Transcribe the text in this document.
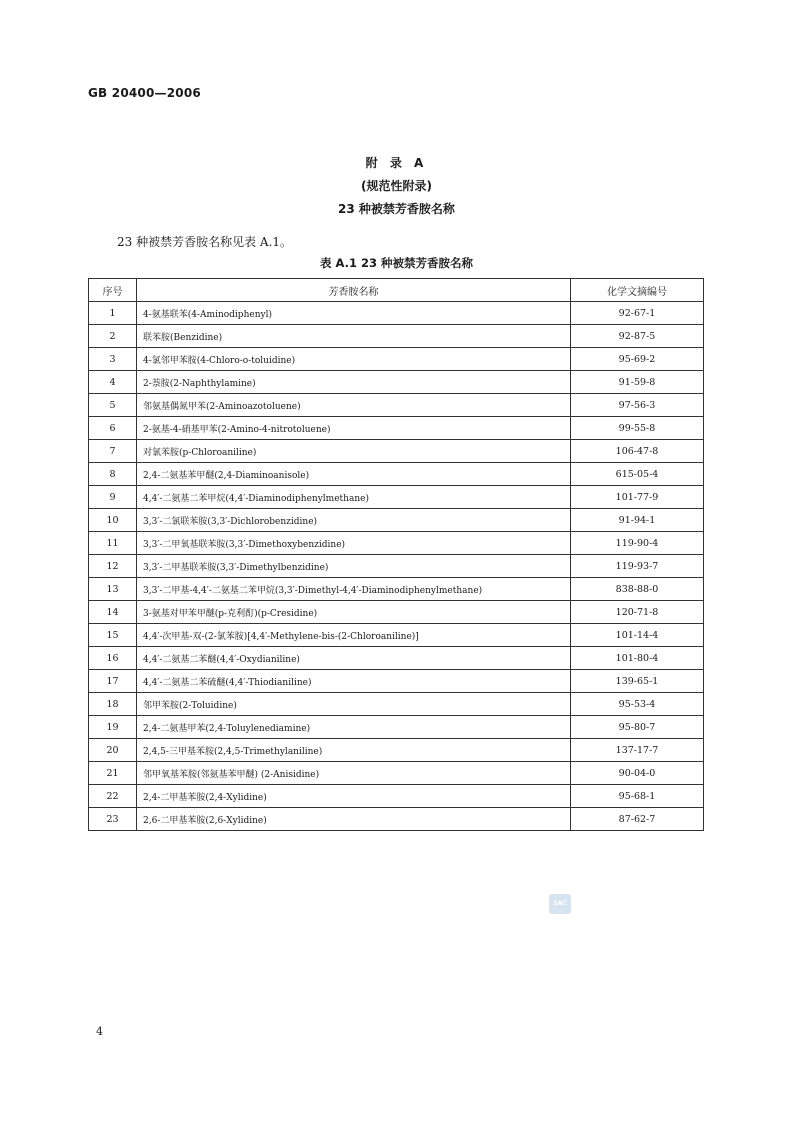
GB 20400—2006
附 录 A
(规范性附录)
23 种被禁芳香胺名称
23 种被禁芳香胺名称见表 A.1。
表 A.1 23 种被禁芳香胺名称
序号	芳香胺名称	化学文摘编号
1	4-氨基联苯(4-Aminodiphenyl)	92-67-1
2	联苯胺(Benzidine)	92-87-5
3	4-氯邻甲苯胺(4-Chloro-o-toluidine)	95-69-2
4	2-萘胺(2-Naphthylamine)	91-59-8
5	邻氨基偶氮甲苯(2-Aminoazotoluene)	97-56-3
6	2-氨基-4-硝基甲苯(2-Amino-4-nitrotoluene)	99-55-8
7	对氯苯胺(p-Chloroaniline)	106-47-8
8	2,4-二氨基苯甲醚(2,4-Diaminoanisole)	615-05-4
9	4,4′-二氨基二苯甲烷(4,4′-Diaminodiphenylmethane)	101-77-9
10	3,3′-二氯联苯胺(3,3′-Dichlorobenzidine)	91-94-1
11	3,3′-二甲氧基联苯胺(3,3′-Dimethoxybenzidine)	119-90-4
12	3,3′-二甲基联苯胺(3,3′-Dimethylbenzidine)	119-93-7
13	3,3′-二甲基-4,4′-二氨基二苯甲烷(3,3′-Dimethyl-4,4′-Diaminodiphenylmethane)	838-88-0
14	3-氨基对甲苯甲醚(p-克利酊)(p-Cresidine)	120-71-8
15	4,4′-次甲基-双-(2-氯苯胺)[4,4′-Methylene-bis-(2-Chloroaniline)]	101-14-4
16	4,4′-二氨基二苯醚(4,4′-Oxydianiline)	101-80-4
17	4,4′-二氨基二苯硫醚(4,4′-Thiodianiline)	139-65-1
18	邻甲苯胺(2-Toluidine)	95-53-4
19	2,4-二氨基甲苯(2,4-Toluylenediamine)	95-80-7
20	2,4,5-三甲基苯胺(2,4,5-Trimethylaniline)	137-17-7
21	邻甲氧基苯胺(邻氨基苯甲醚) (2-Anisidine)	90-04-0
22	2,4-二甲基苯胺(2,4-Xylidine)	95-68-1
23	2,6-二甲基苯胺(2,6-Xylidine)	87-62-7
SAC
4
